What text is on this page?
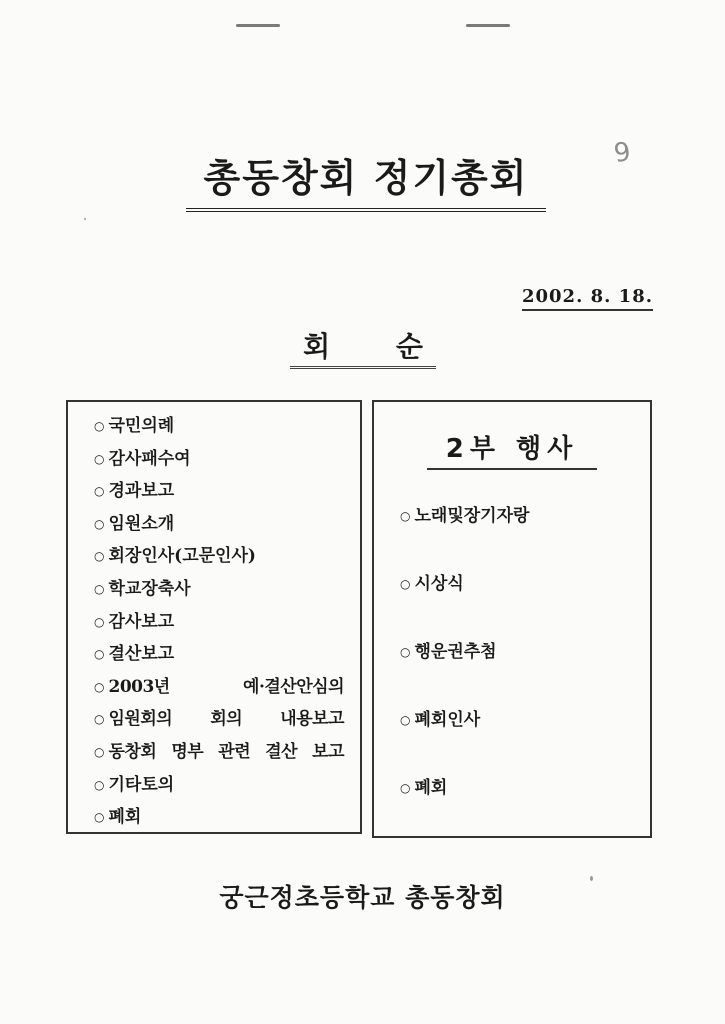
9
총동창회 정기총회
2002. 8. 18.
회 순
○ 국민의례
○ 감사패수여
○ 경과보고
○ 임원소개
○ 회장인사(고문인사)
○ 학교장축사
○ 감사보고
○ 결산보고
○ 2003년 예·결산안심의
○ 임원회의 회의 내용보고
○ 동창회 명부 관련 결산 보고
○ 기타토의
○ 폐회
2부 행사
○ 노래및장기자랑
○ 시상식
○ 행운권추첨
○ 폐회인사
○ 폐회
궁근정초등학교 총동창회
